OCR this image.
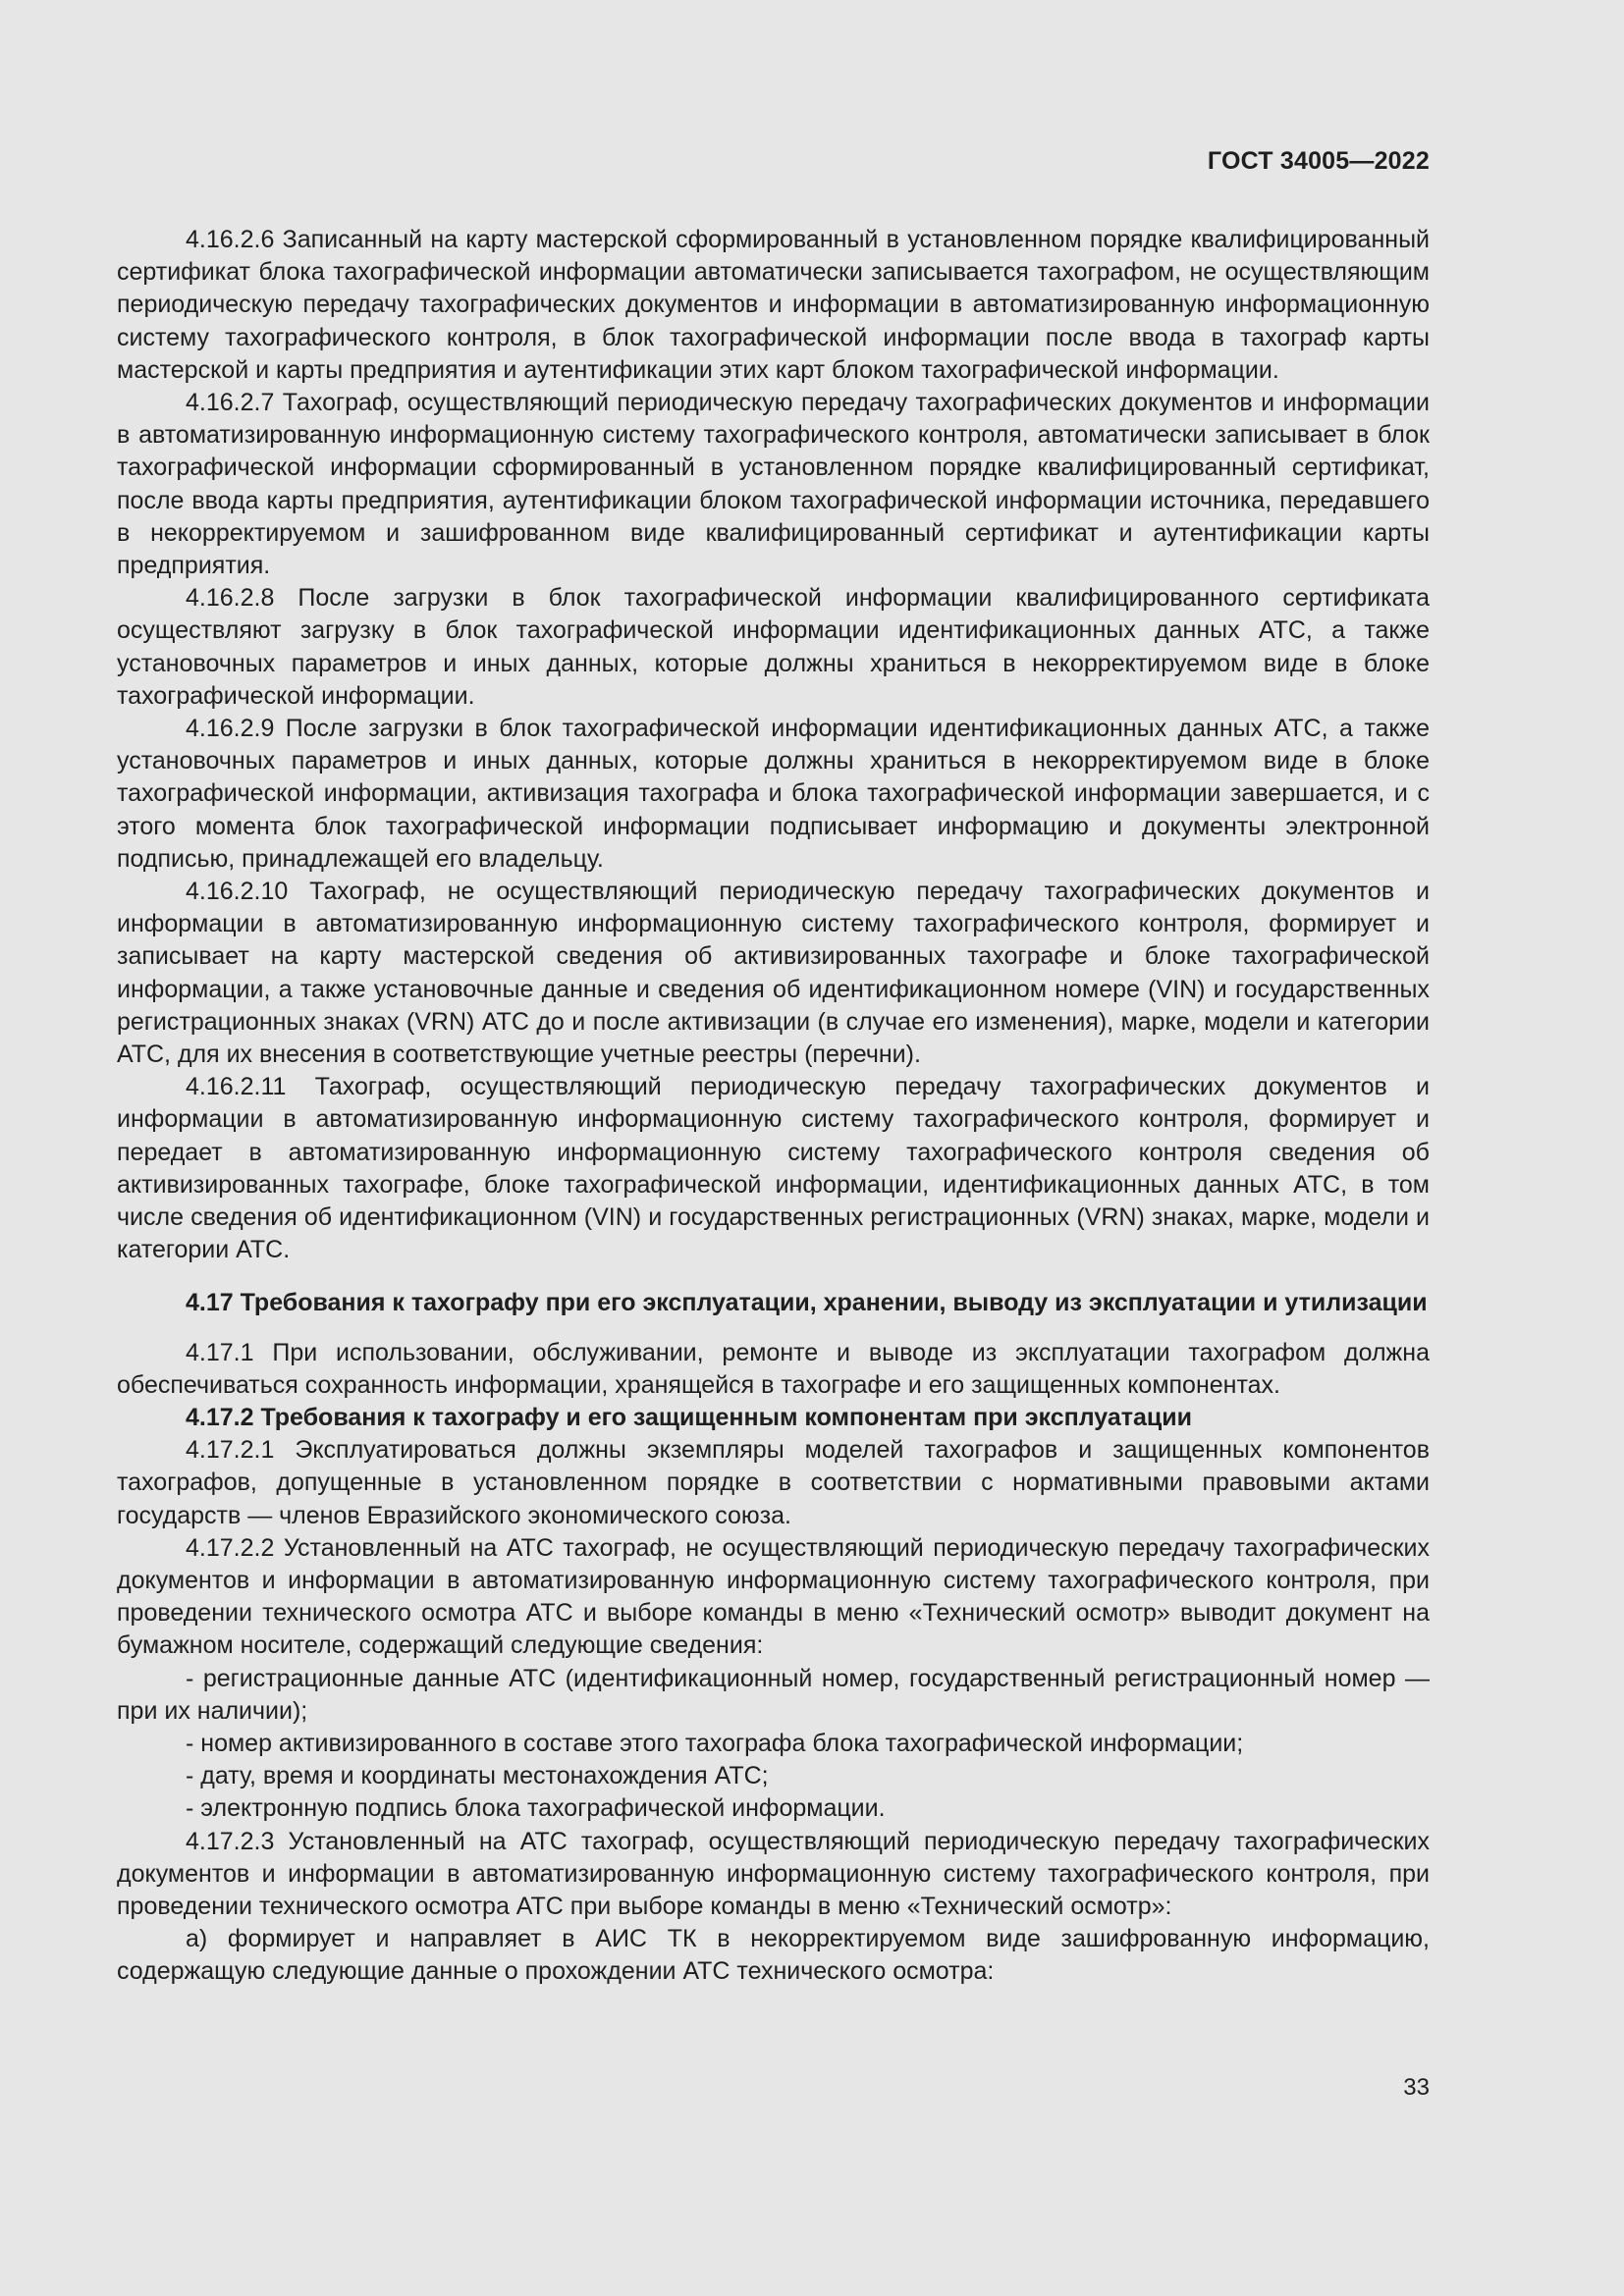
ГОСТ 34005—2022

4.16.2.6 Записанный на карту мастерской сформированный в установленном порядке квалифицированный сертификат блока тахографической информации автоматически записывается тахографом, не осуществляющим периодическую передачу тахографических документов и информации в автоматизированную информационную систему тахографического контроля, в блок тахографической информации после ввода в тахограф карты мастерской и карты предприятия и аутентификации этих карт блоком тахографической информации.

4.16.2.7 Тахограф, осуществляющий периодическую передачу тахографических документов и информации в автоматизированную информационную систему тахографического контроля, автоматически записывает в блок тахографической информации сформированный в установленном порядке квалифицированный сертификат, после ввода карты предприятия, аутентификации блоком тахографической информации источника, передавшего в некорректируемом и зашифрованном виде квалифицированный сертификат и аутентификации карты предприятия.

4.16.2.8 После загрузки в блок тахографической информации квалифицированного сертификата осуществляют загрузку в блок тахографической информации идентификационных данных АТС, а также установочных параметров и иных данных, которые должны храниться в некорректируемом виде в блоке тахографической информации.

4.16.2.9 После загрузки в блок тахографической информации идентификационных данных АТС, а также установочных параметров и иных данных, которые должны храниться в некорректируемом виде в блоке тахографической информации, активизация тахографа и блока тахографической информации завершается, и с этого момента блок тахографической информации подписывает информацию и документы электронной подписью, принадлежащей его владельцу.

4.16.2.10 Тахограф, не осуществляющий периодическую передачу тахографических документов и информации в автоматизированную информационную систему тахографического контроля, формирует и записывает на карту мастерской сведения об активизированных тахографе и блоке тахографической информации, а также установочные данные и сведения об идентификационном номере (VIN) и государственных регистрационных знаках (VRN) АТС до и после активизации (в случае его изменения), марке, модели и категории АТС, для их внесения в соответствующие учетные реестры (перечни).

4.16.2.11 Тахограф, осуществляющий периодическую передачу тахографических документов и информации в автоматизированную информационную систему тахографического контроля, формирует и передает в автоматизированную информационную систему тахографического контроля сведения об активизированных тахографе, блоке тахографической информации, идентификационных данных АТС, в том числе сведения об идентификационном (VIN) и государственных регистрационных (VRN) знаках, марке, модели и категории АТС.

4.17 Требования к тахографу при его эксплуатации, хранении, выводу из эксплуатации и утилизации

4.17.1 При использовании, обслуживании, ремонте и выводе из эксплуатации тахографом должна обеспечиваться сохранность информации, хранящейся в тахографе и его защищенных компонентах.

4.17.2 Требования к тахографу и его защищенным компонентам при эксплуатации

4.17.2.1 Эксплуатироваться должны экземпляры моделей тахографов и защищенных компонентов тахографов, допущенные в установленном порядке в соответствии с нормативными правовыми актами государств — членов Евразийского экономического союза.

4.17.2.2 Установленный на АТС тахограф, не осуществляющий периодическую передачу тахографических документов и информации в автоматизированную информационную систему тахографического контроля, при проведении технического осмотра АТС и выборе команды в меню «Технический осмотр» выводит документ на бумажном носителе, содержащий следующие сведения:

- регистрационные данные АТС (идентификационный номер, государственный регистрационный номер — при их наличии);

- номер активизированного в составе этого тахографа блока тахографической информации;

- дату, время и координаты местонахождения АТС;

- электронную подпись блока тахографической информации.

4.17.2.3 Установленный на АТС тахограф, осуществляющий периодическую передачу тахографических документов и информации в автоматизированную информационную систему тахографического контроля, при проведении технического осмотра АТС при выборе команды в меню «Технический осмотр»:

а) формирует и направляет в АИС ТК в некорректируемом виде зашифрованную информацию, содержащую следующие данные о прохождении АТС технического осмотра:

33
